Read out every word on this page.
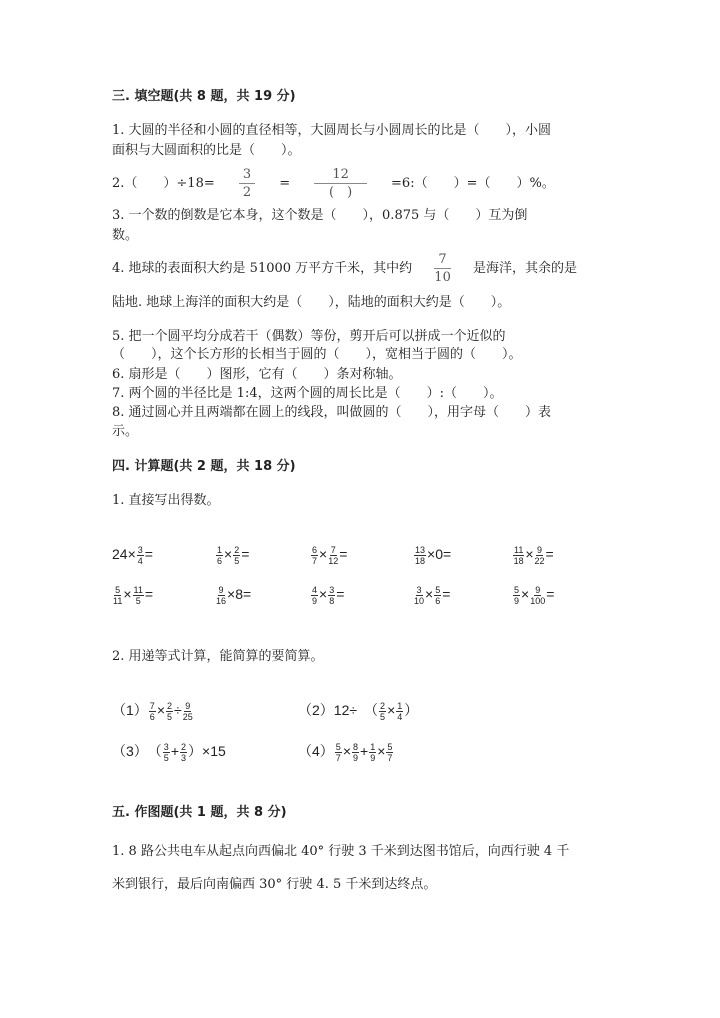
三. 填空题(共 8 题，共 19 分)
1. 大圆的半径和小圆的直径相等，大圆周长与小圆周长的比是（　　），小圆
面积与大圆面积的比是（　　）。
2.（　　）$\div 18= \frac{3}{2}$ =
12
(　)
=6:（　　）=（　　）%。
3. 一个数的倒数是它本身，这个数是（　　），0.875 与（　　）互为倒
数。
4. 地球的表面积大约是 51000 万平方千米，其中约 $\frac{7}{10}$ 是海洋，其余的是
陆地. 地球上海洋的面积大约是（　　），陆地的面积大约是（　　）。
5. 把一个圆平均分成若干（偶数）等份，剪开后可以拼成一个近似的
（　　），这个长方形的长相当于圆的（　　），宽相当于圆的（　　）。
6. 扇形是（　　）图形，它有（　　）条对称轴。
7. 两个圆的半径比是 1:4，这两个圆的周长比是（　　）:（　　）。
8. 通过圆心并且两端都在圆上的线段，叫做圆的（　　），用字母（　　）表
示。
四. 计算题(共 2 题，共 18 分)
1. 直接写出得数。
2. 用递等式计算，能简算的要简算。
五. 作图题(共 1 题，共 8 分)
1. 8 路公共电车从起点向西偏北 40° 行驶 3 千米到达图书馆后，向西行驶 4 千
米到银行，最后向南偏西 30° 行驶 4. 5 千米到达终点。
$24\times \frac{3}{4}$ =	$\frac{1}{6} \times \frac{2}{5}$ =	$\frac{6}{7} \times \frac{7}{12}$ =	$\frac{13}{18} \times 0=$	$\frac{11}{18} \times \frac{9}{22}$ =
$\frac{5}{11} \times \frac{11}{5}$ =	$\frac{9}{16} \times 8=$	$\frac{4}{9} \times \frac{3}{8}$ =	$\frac{3}{10} \times \frac{5}{6}$ =	$\frac{5}{9} \times \frac{9}{100}$ =
$(1) \frac{7}{6} \times \frac{2}{5} \div \frac{9}{25}$	（2）12÷　（ $\frac{2}{5} \times \frac{1}{4}$ ）
（3）　（ $\frac{3}{5} + \frac{2}{3} )\times 15$	$(4) \frac{5}{7} \times \frac{8}{9} + \frac{1}{9} \times \frac{5}{7}$
